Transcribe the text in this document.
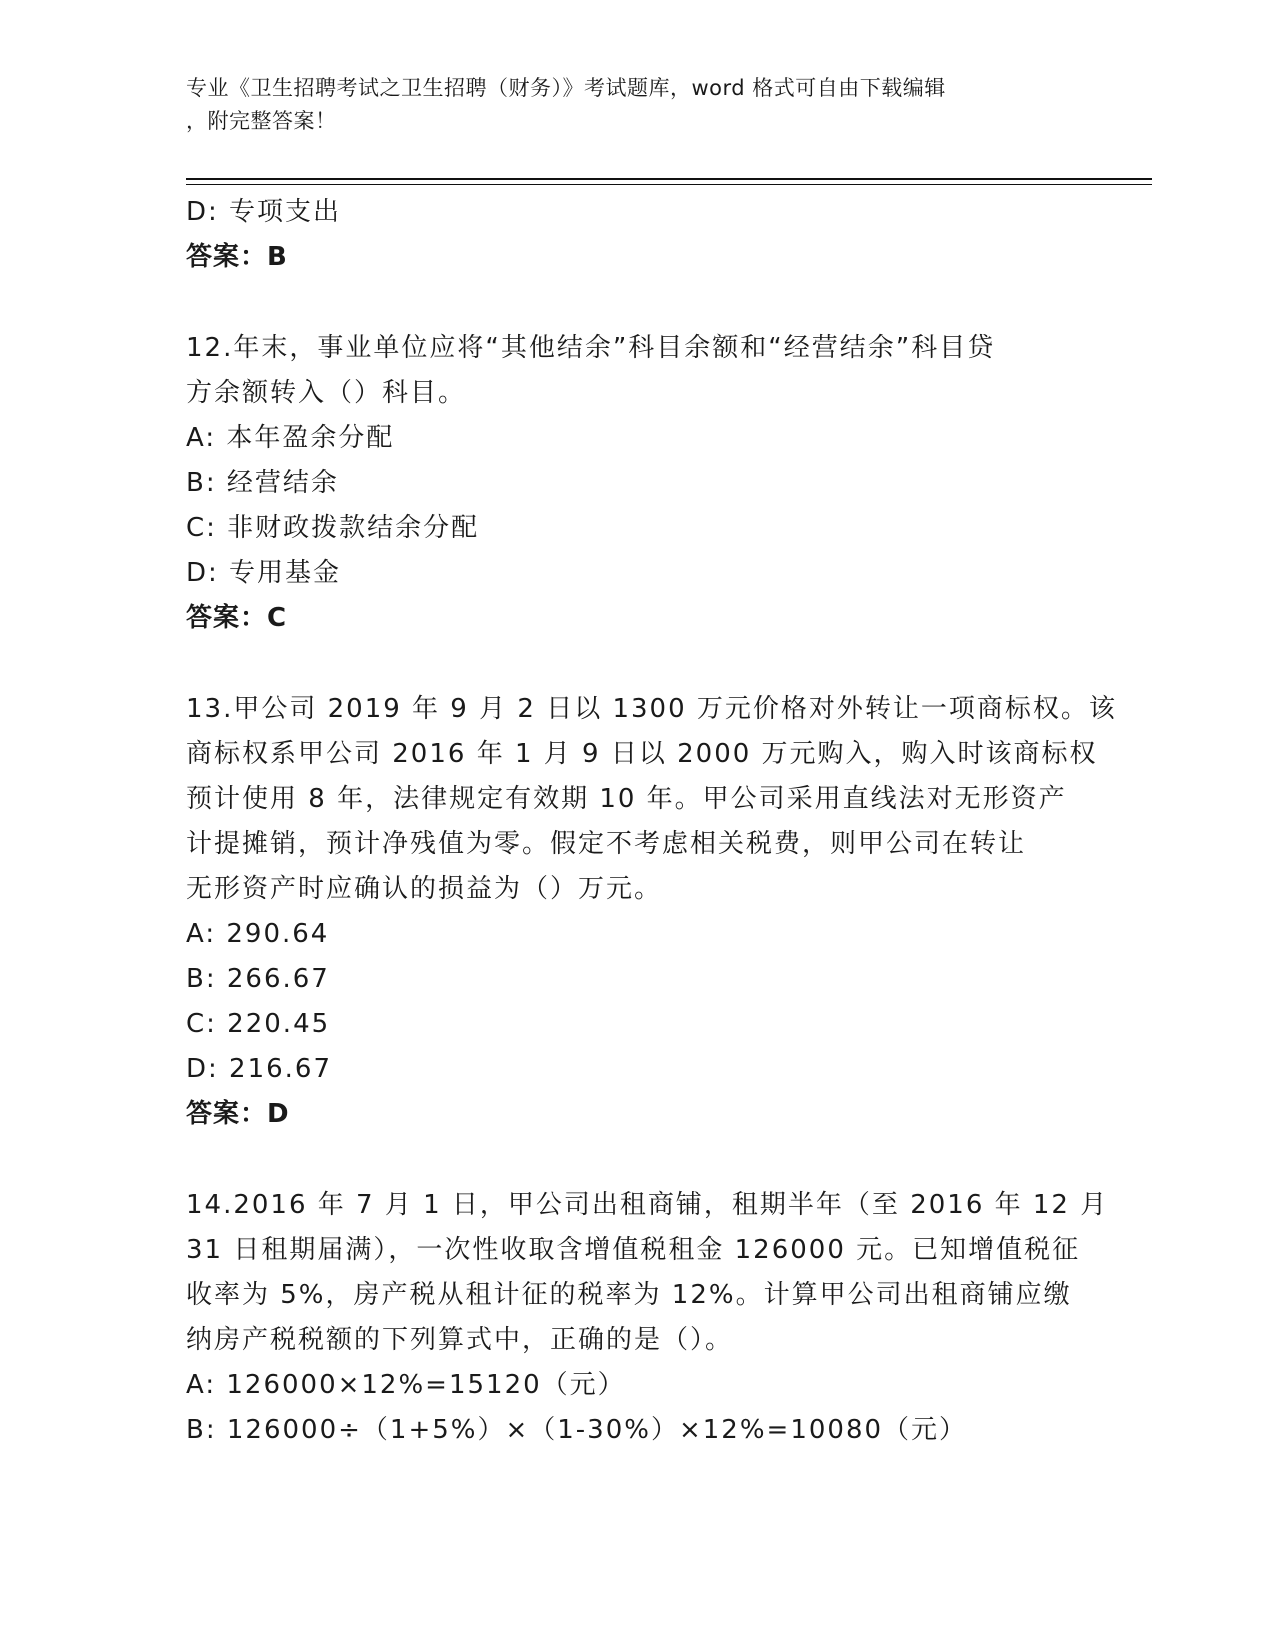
专业《卫生招聘考试之卫生招聘（财务）》考试题库，word 格式可自由下载编辑
，附完整答案！
D: 专项支出
答案：B
12.年末，事业单位应将“其他结余”科目余额和“经营结余”科目贷
方余额转入（）科目。
A: 本年盈余分配
B: 经营结余
C: 非财政拨款结余分配
D: 专用基金
答案：C
13.甲公司 2019 年 9 月 2 日以 1300 万元价格对外转让一项商标权。该
商标权系甲公司 2016 年 1 月 9 日以 2000 万元购入，购入时该商标权
预计使用 8 年，法律规定有效期 10 年。甲公司采用直线法对无形资产
计提摊销，预计净残值为零。假定不考虑相关税费，则甲公司在转让
无形资产时应确认的损益为（）万元。
A: 290.64
B: 266.67
C: 220.45
D: 216.67
答案：D
14.2016 年 7 月 1 日，甲公司出租商铺，租期半年（至 2016 年 12 月
31 日租期届满），一次性收取含增值税租金 126000 元。已知增值税征
收率为 5%，房产税从租计征的税率为 12%。计算甲公司出租商铺应缴
纳房产税税额的下列算式中，正确的是（）。
A: 126000×12%=15120（元）
B: 126000÷（1+5%）×（1-30%）×12%=10080（元）
